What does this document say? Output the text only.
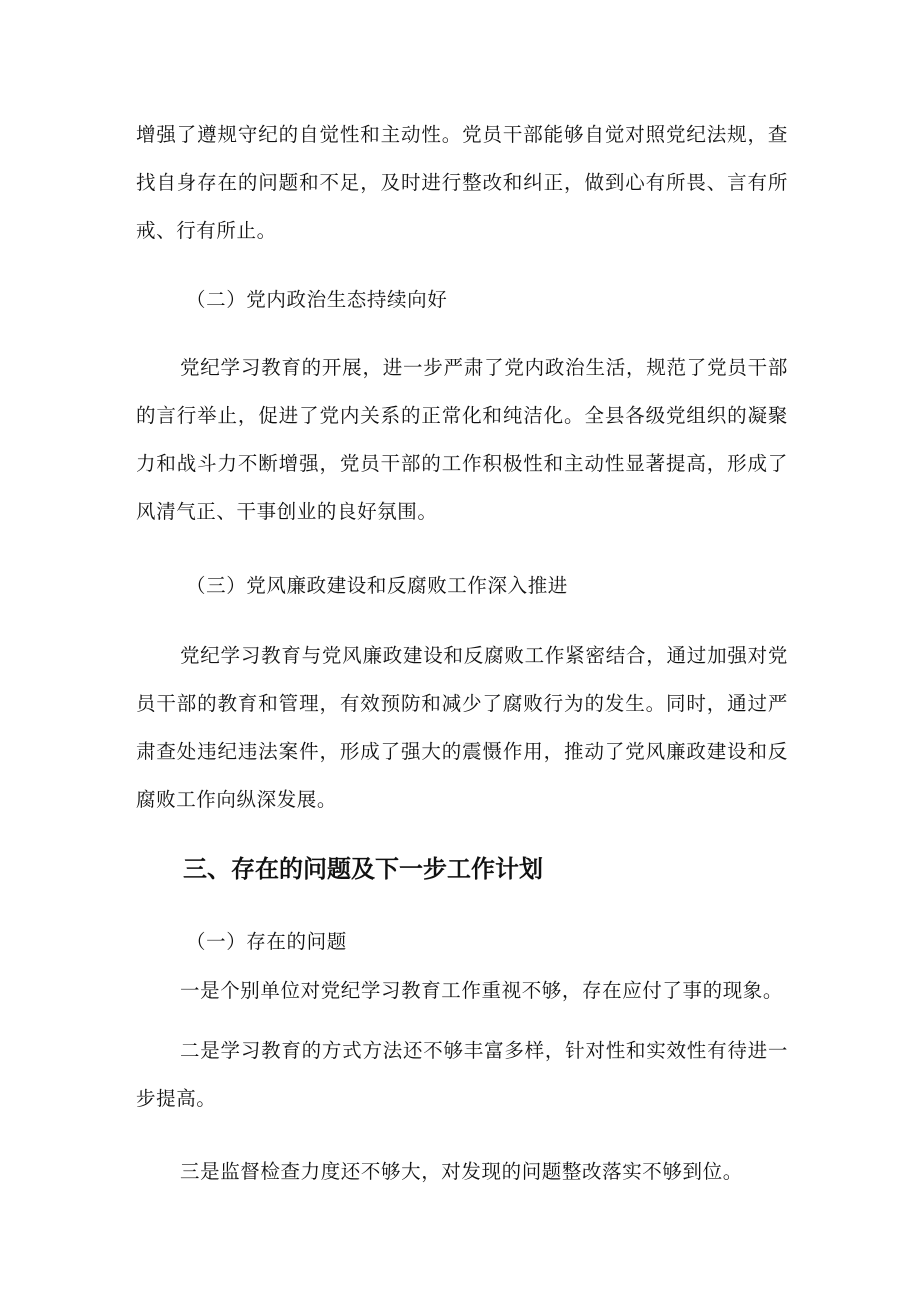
增强了遵规守纪的自觉性和主动性。党员干部能够自觉对照党纪法规，查找自身存在的问题和不足，及时进行整改和纠正，做到心有所畏、言有所戒、行有所止。

（二）党内政治生态持续向好

党纪学习教育的开展，进一步严肃了党内政治生活，规范了党员干部的言行举止，促进了党内关系的正常化和纯洁化。全县各级党组织的凝聚力和战斗力不断增强，党员干部的工作积极性和主动性显著提高，形成了风清气正、干事创业的良好氛围。

（三）党风廉政建设和反腐败工作深入推进

党纪学习教育与党风廉政建设和反腐败工作紧密结合，通过加强对党员干部的教育和管理，有效预防和减少了腐败行为的发生。同时，通过严肃查处违纪违法案件，形成了强大的震慑作用，推动了党风廉政建设和反腐败工作向纵深发展。

三、存在的问题及下一步工作计划

（一）存在的问题

一是个别单位对党纪学习教育工作重视不够，存在应付了事的现象。

二是学习教育的方式方法还不够丰富多样，针对性和实效性有待进一步提高。

三是监督检查力度还不够大，对发现的问题整改落实不够到位。
